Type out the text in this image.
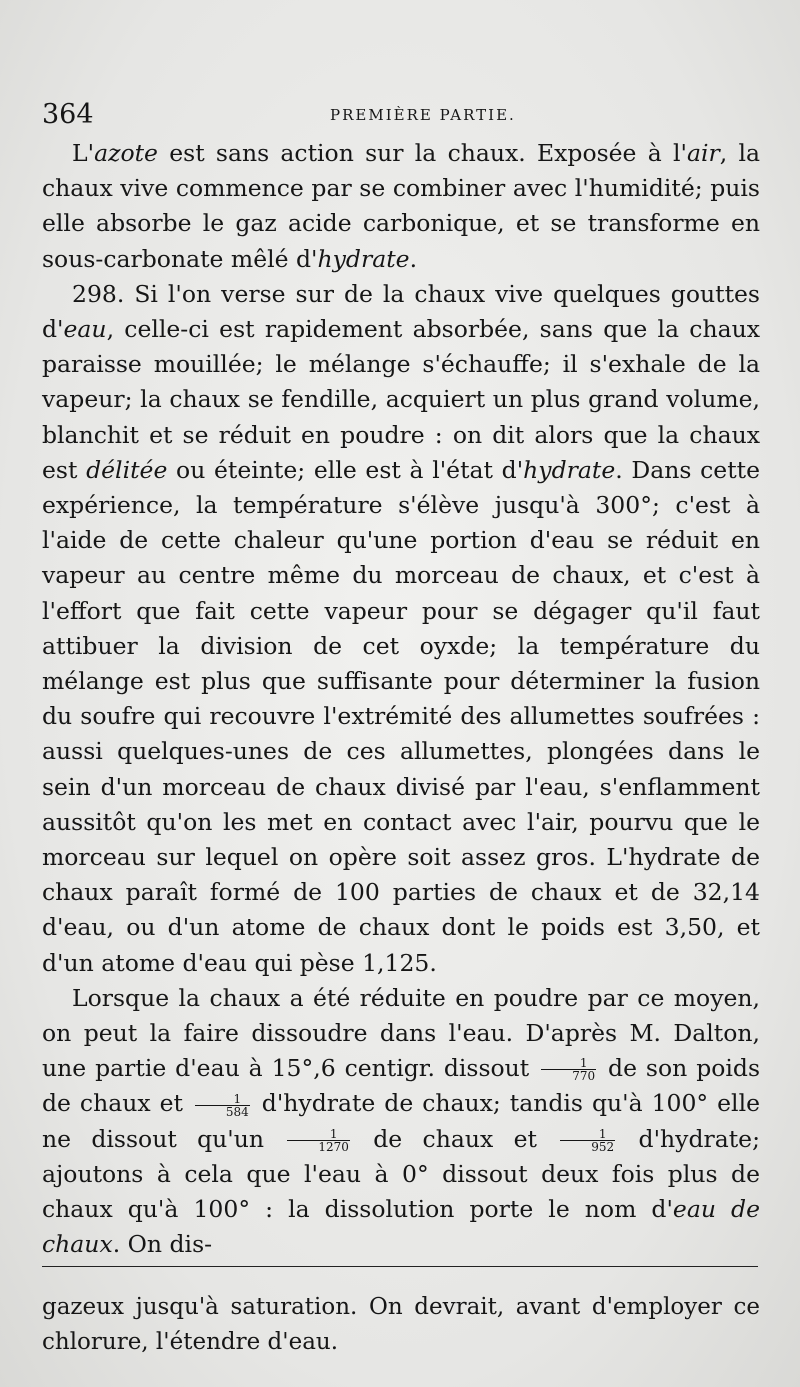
364	PREMIÈRE PARTIE.

L'azote est sans action sur la chaux. Exposée à l'air, la chaux vive commence par se combiner avec l'humidité; puis elle absorbe le gaz acide carbonique, et se transforme en sous-carbonate mêlé d'hydrate.

298. Si l'on verse sur de la chaux vive quelques gouttes d'eau, celle-ci est rapidement absorbée, sans que la chaux paraisse mouillée; le mélange s'échauffe; il s'exhale de la vapeur; la chaux se fendille, acquiert un plus grand volume, blanchit et se réduit en poudre : on dit alors que la chaux est délitée ou éteinte; elle est à l'état d'hydrate. Dans cette expérience, la température s'élève jusqu'à 300°; c'est à l'aide de cette chaleur qu'une portion d'eau se réduit en vapeur au centre même du morceau de chaux, et c'est à l'effort que fait cette vapeur pour se dégager qu'il faut attibuer la division de cet oyxde; la température du mélange est plus que suffisante pour déterminer la fusion du soufre qui recouvre l'extrémité des allumettes soufrées : aussi quelques-unes de ces allumettes, plongées dans le sein d'un morceau de chaux divisé par l'eau, s'enflamment aussitôt qu'on les met en contact avec l'air, pourvu que le morceau sur lequel on opère soit assez gros. L'hydrate de chaux paraît formé de 100 parties de chaux et de 32,14 d'eau, ou d'un atome de chaux dont le poids est 3,50, et d'un atome d'eau qui pèse 1,125.

Lorsque la chaux a été réduite en poudre par ce moyen, on peut la faire dissoudre dans l'eau. D'après M. Dalton, une partie d'eau à 15°,6 centigr. dissout $\frac{1}{770}$ de son poids de chaux et $\frac{1}{584}$ d'hydrate de chaux; tandis qu'à 100° elle ne dissout $qu'un \frac{1}{1270}$ de chaux et $\frac{1}{952}$ d'hydrate; ajoutons à cela que l'eau à 0° dissout deux fois plus de chaux qu'à 100° : la dissolution porte le nom d'eau de chaux. On dis-

gazeux jusqu'à saturation. On devrait, avant d'employer ce chlorure, l'étendre d'eau.
